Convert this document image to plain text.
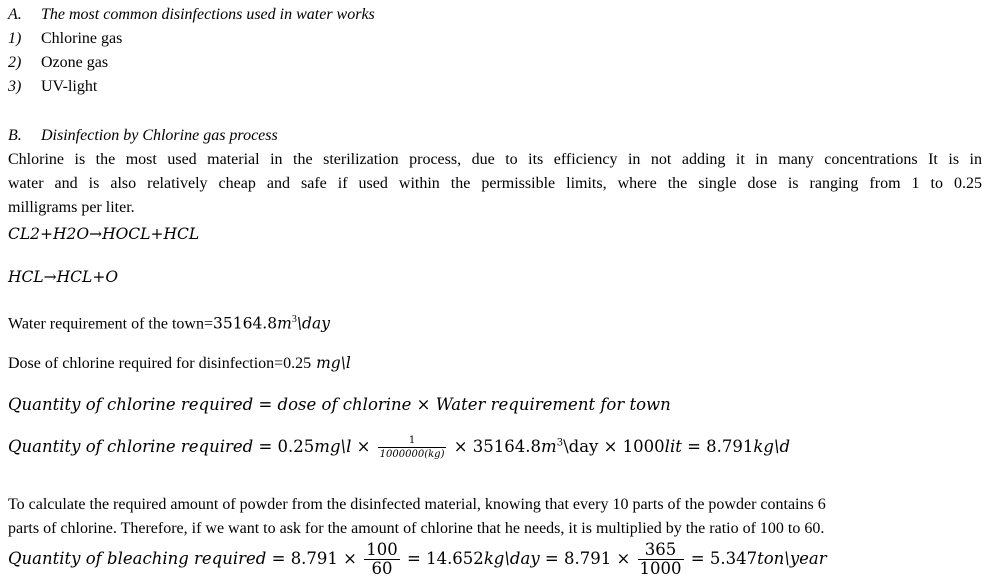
A. The most common disinfections used in water works
1) Chlorine gas
2) Ozone gas
3) UV-light
B. Disinfection by Chlorine gas process
Chlorine is the most used material in the sterilization process, due to its efficiency in not adding it in many concentrations It is in
water and is also relatively cheap and safe if used within the permissible limits, where the single dose is ranging from 1 to 0.25
milligrams per liter.
CL2+H2O→HOCL+HCL
HCL→HCL+O
Water requirement of the $town=35164.8m^3\backslash day$
Dose of chlorine required for disinfection=0.25 mg\l
Quantity of chlorine required = dose of chlorine × Water requirement for town
Quantity of chlorine required = 0.25mg\l × $\frac{1}{1000000(kg)}$ × $35164.8m^3\backslash day \times 1000lit$ = 8.791kg\d
To calculate the required amount of powder from the disinfected material, knowing that every 10 parts of the powder contains 6
parts of chlorine. Therefore, if we want to ask for the amount of chlorine that he needs, it is multiplied by the ratio of 100 to 60.
Quantity of bleaching required = $8.791 \times \frac{100}{60}$ = 14.652kg\day = $8.791 \times \frac{365}{1000}$ = 5.347ton\year
